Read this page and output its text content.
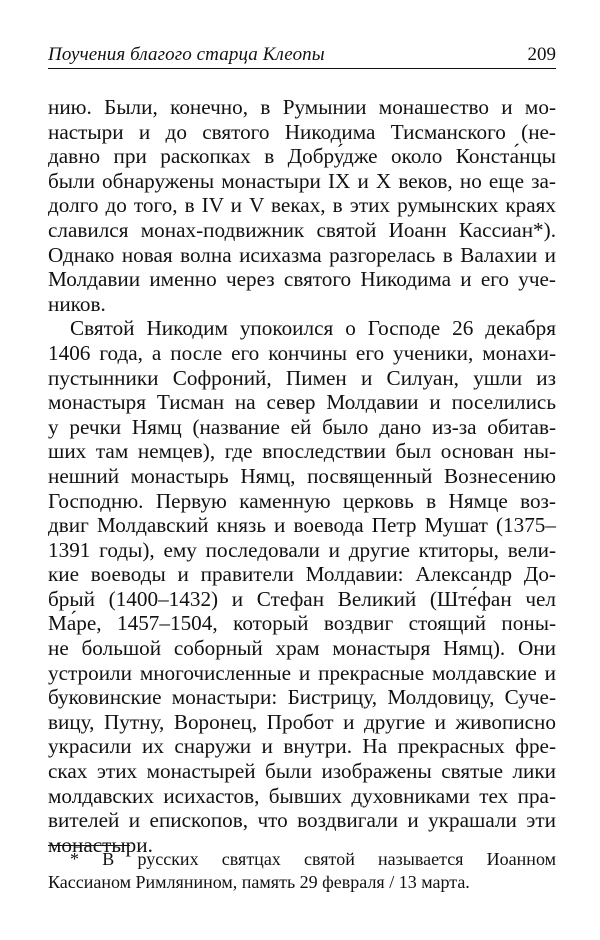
Поучения благого старца Клеопы	209
нию. Были, конечно, в Румынии монашество и мо-
настыри и до святого Никодима Тисманского (не-
давно при раскопках в Добру́дже около Конста́нцы
были обнаружены монастыри IX и X веков, но еще за-
долго до того, в IV и V веках, в этих румынских краях
славился монах-подвижник святой Иоанн Кассиан*).
Однако новая волна исихазма разгорелась в Валахии и
Молдавии именно через святого Никодима и его уче-
ников.
Святой Никодим упокоился о Господе 26 декабря
1406 года, а после его кончины его ученики, монахи-
пустынники Софроний, Пимен и Силуан, ушли из
монастыря Тисман на север Молдавии и поселились
у речки Нямц (название ей было дано из-за обитав-
ших там немцев), где впоследствии был основан ны-
нешний монастырь Нямц, посвященный Вознесению
Господню. Первую каменную церковь в Нямце воз-
двиг Молдавский князь и воевода Петр Мушат (1375–
1391 годы), ему последовали и другие ктиторы, вели-
кие воеводы и правители Молдавии: Александр До-
брый (1400–1432) и Стефан Великий (Ште́фан чел
Ма́ре, 1457–1504, который воздвиг стоящий поны-
не большой соборный храм монастыря Нямц). Они
устроили многочисленные и прекрасные молдавские и
буковинские монастыри: Бистрицу, Молдовицу, Суче-
вицу, Путну, Воронец, Пробот и другие и живописно
украсили их снаружи и внутри. На прекрасных фре-
сках этих монастырей были изображены святые лики
молдавских исихастов, бывших духовниками тех пра-
вителей и епископов, что воздвигали и украшали эти
монастыри.
* В русских святцах святой называется Иоанном
Кассианом Римлянином, память 29 февраля / 13 марта.
